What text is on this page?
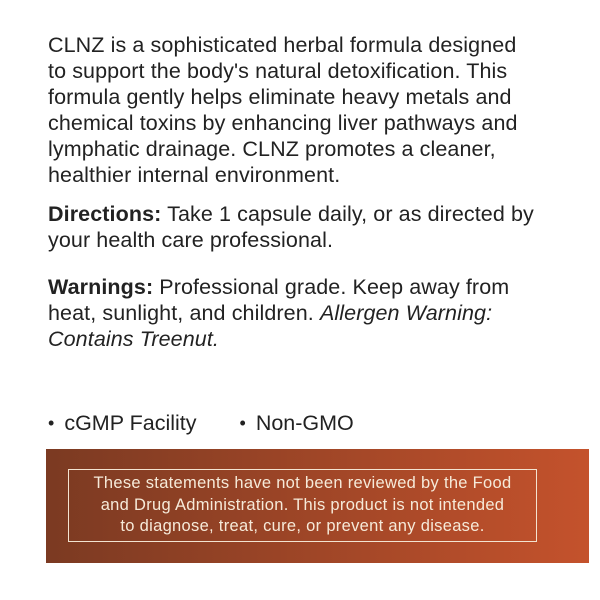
CLNZ is a sophisticated herbal formula designed
to support the body's natural detoxification. This
formula gently helps eliminate heavy metals and
chemical toxins by enhancing liver pathways and
lymphatic drainage. CLNZ promotes a cleaner,
healthier internal environment.
Directions: Take 1 capsule daily, or as directed by
your health care professional.
Warnings: Professional grade. Keep away from
heat, sunlight, and children. Allergen Warning:
Contains Treenut.
• cGMP Facility • Non-GMO
These statements have not been reviewed by the Food
and Drug Administration. This product is not intended
to diagnose, treat, cure, or prevent any disease.
